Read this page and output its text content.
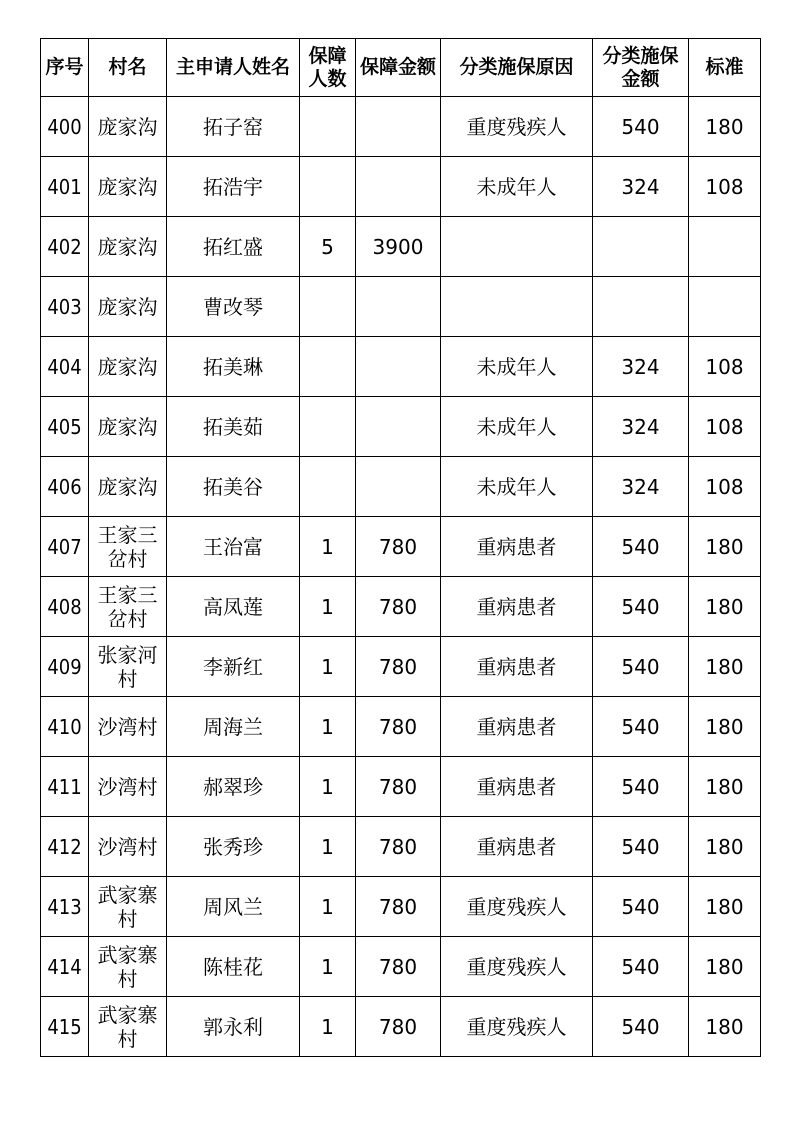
序号	村名	主申请人姓名	保障人数	保障金额	分类施保原因	分类施保金额	标准
400	庞家沟	拓子窑			重度残疾人	540	180
401	庞家沟	拓浩宇			未成年人	324	108
402	庞家沟	拓红盛	5	3900			
403	庞家沟	曹改琴					
404	庞家沟	拓美琳			未成年人	324	108
405	庞家沟	拓美茹			未成年人	324	108
406	庞家沟	拓美谷			未成年人	324	108
407	王家三岔村	王治富	1	780	重病患者	540	180
408	王家三岔村	高凤莲	1	780	重病患者	540	180
409	张家河村	李新红	1	780	重病患者	540	180
410	沙湾村	周海兰	1	780	重病患者	540	180
411	沙湾村	郝翠珍	1	780	重病患者	540	180
412	沙湾村	张秀珍	1	780	重病患者	540	180
413	武家寨村	周风兰	1	780	重度残疾人	540	180
414	武家寨村	陈桂花	1	780	重度残疾人	540	180
415	武家寨村	郭永利	1	780	重度残疾人	540	180
